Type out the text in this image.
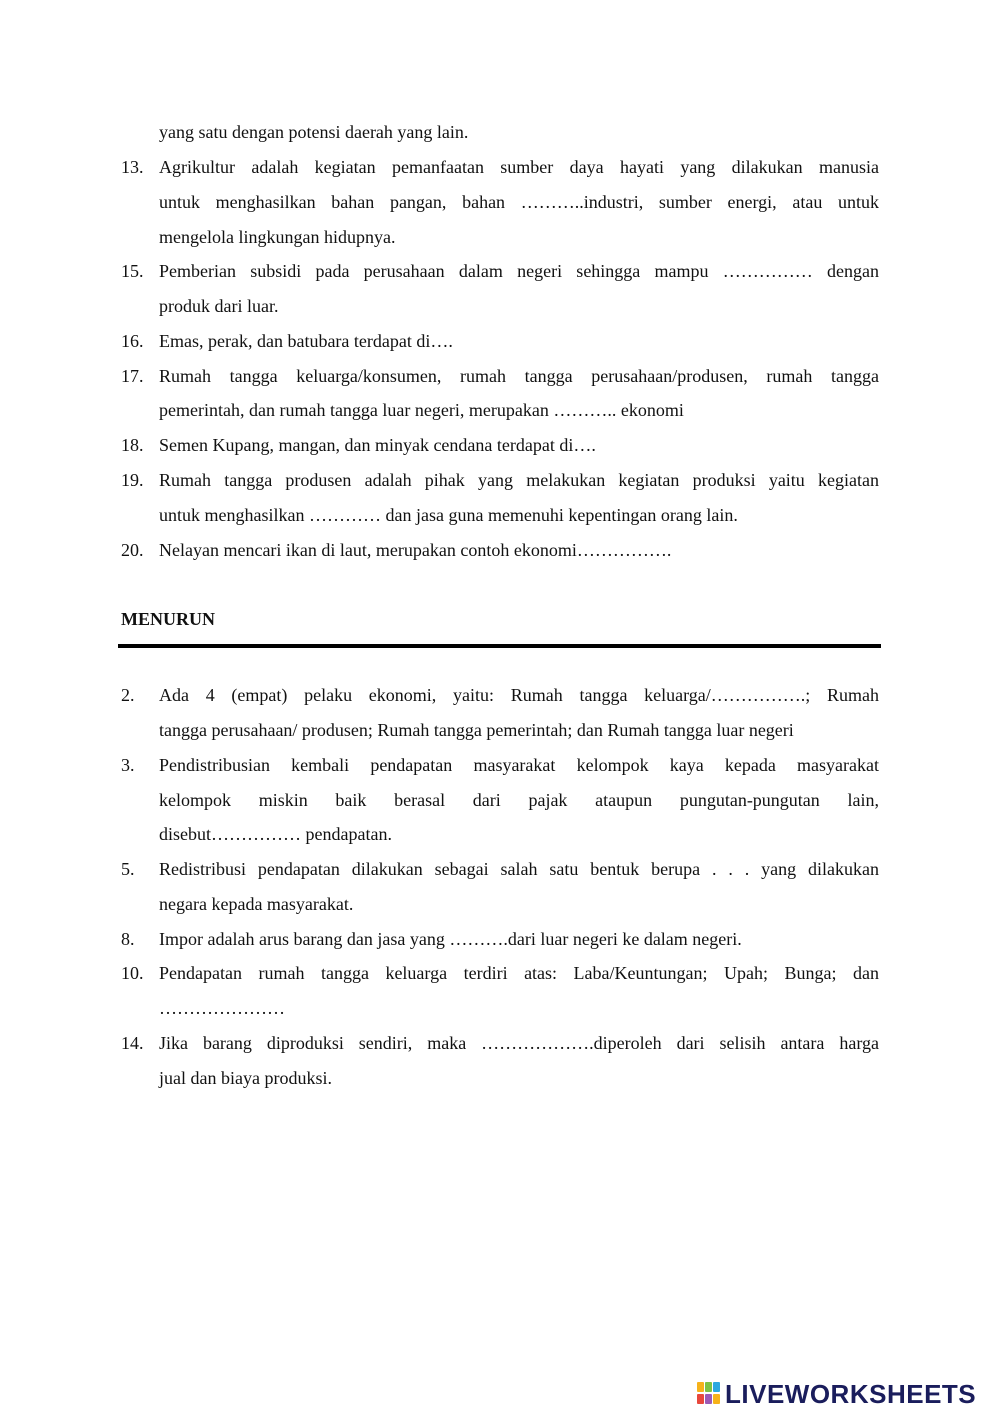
yang satu dengan potensi daerah yang lain.
13. Agrikultur adalah kegiatan pemanfaatan sumber daya hayati yang dilakukan manusia
untuk menghasilkan bahan pangan, bahan ………..industri, sumber energi, atau untuk
mengelola lingkungan hidupnya.
15. Pemberian subsidi pada perusahaan dalam negeri sehingga mampu …………… dengan
produk dari luar.
16. Emas, perak, dan batubara terdapat di….
17. Rumah tangga keluarga/konsumen, rumah tangga perusahaan/produsen, rumah tangga
pemerintah, dan rumah tangga luar negeri, merupakan ……….. ekonomi
18. Semen Kupang, mangan, dan minyak cendana terdapat di….
19. Rumah tangga produsen adalah pihak yang melakukan kegiatan produksi yaitu kegiatan
untuk menghasilkan ………… dan jasa guna memenuhi kepentingan orang lain.
20. Nelayan mencari ikan di laut, merupakan contoh ekonomi…………….
MENURUN
2. Ada 4 (empat) pelaku ekonomi, yaitu: Rumah tangga keluarga/…………….; Rumah
tangga perusahaan/ produsen; Rumah tangga pemerintah; dan Rumah tangga luar negeri
3. Pendistribusian kembali pendapatan masyarakat kelompok kaya kepada masyarakat
kelompok miskin baik berasal dari pajak ataupun pungutan-pungutan lain,
disebut…………… pendapatan.
5. Redistribusi pendapatan dilakukan sebagai salah satu bentuk berupa . . . yang dilakukan
negara kepada masyarakat.
8. Impor adalah arus barang dan jasa yang ……….dari luar negeri ke dalam negeri.
10. Pendapatan rumah tangga keluarga terdiri atas: Laba/Keuntungan; Upah; Bunga; dan
…………………
14. Jika barang diproduksi sendiri, maka ……………….diperoleh dari selisih antara harga
jual dan biaya produksi.
LIVEWORKSHEETS
